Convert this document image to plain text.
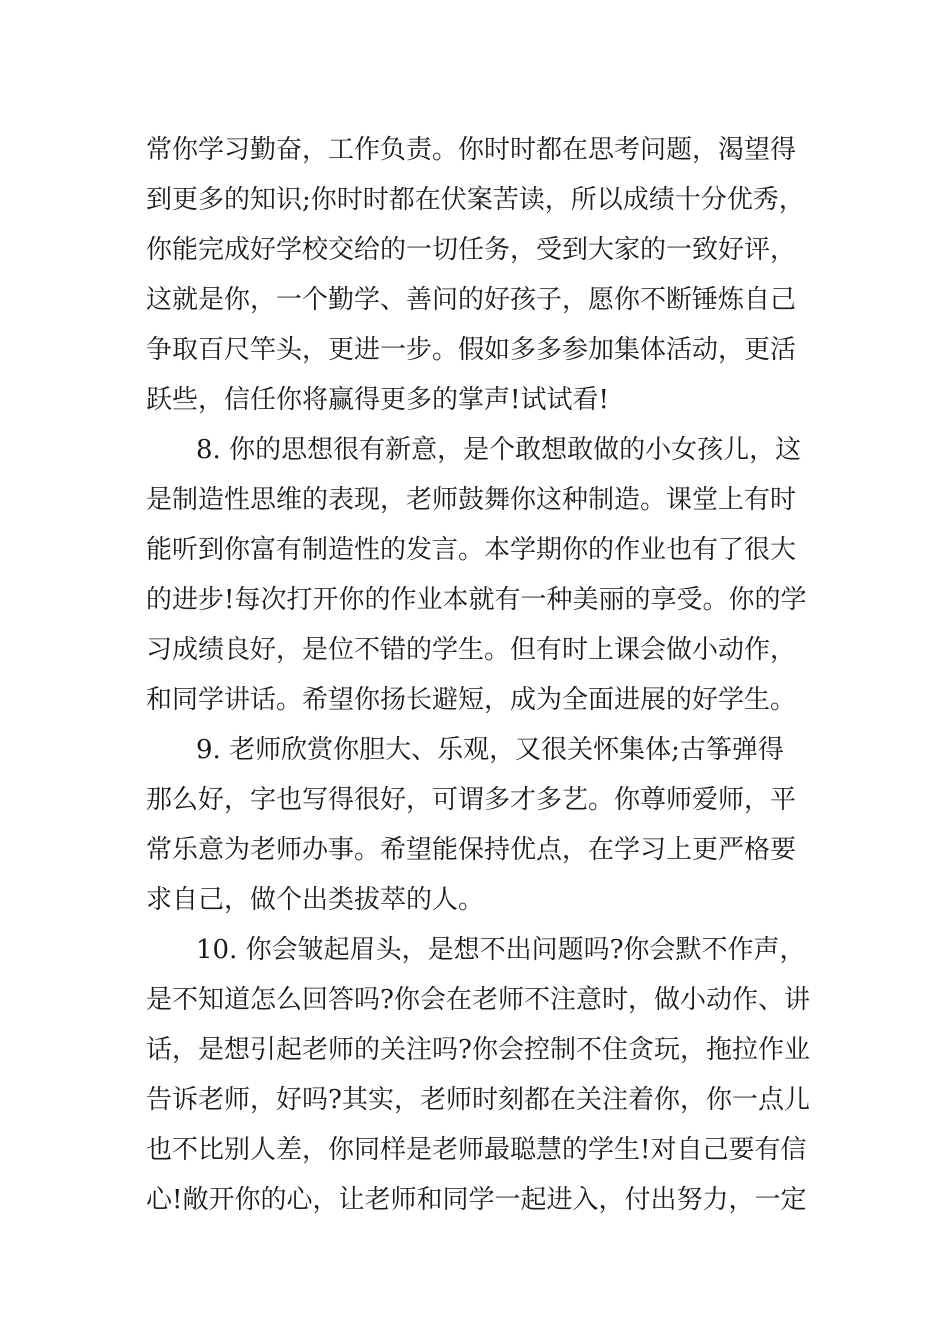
常你学习勤奋，工作负责。你时时都在思考问题，渴望得
到更多的知识;你时时都在伏案苦读，所以成绩十分优秀，
你能完成好学校交给的一切任务，受到大家的一致好评，
这就是你，一个勤学、善问的好孩子，愿你不断锤炼自己
争取百尺竿头，更进一步。假如多多参加集体活动，更活
跃些，信任你将赢得更多的掌声!试试看!
8. 你的思想很有新意，是个敢想敢做的小女孩儿，这
是制造性思维的表现，老师鼓舞你这种制造。课堂上有时
能听到你富有制造性的发言。本学期你的作业也有了很大
的进步!每次打开你的作业本就有一种美丽的享受。你的学
习成绩良好，是位不错的学生。但有时上课会做小动作，
和同学讲话。希望你扬长避短，成为全面进展的好学生。
9. 老师欣赏你胆大、乐观，又很关怀集体;古筝弹得
那么好，字也写得很好，可谓多才多艺。你尊师爱师，平
常乐意为老师办事。希望能保持优点，在学习上更严格要
求自己，做个出类拔萃的人。
10. 你会皱起眉头，是想不出问题吗?你会默不作声，
是不知道怎么回答吗?你会在老师不注意时，做小动作、讲
话，是想引起老师的关注吗?你会控制不住贪玩，拖拉作业
告诉老师，好吗?其实，老师时刻都在关注着你，你一点儿
也不比别人差，你同样是老师最聪慧的学生!对自己要有信
心!敞开你的心，让老师和同学一起进入，付出努力，一定
